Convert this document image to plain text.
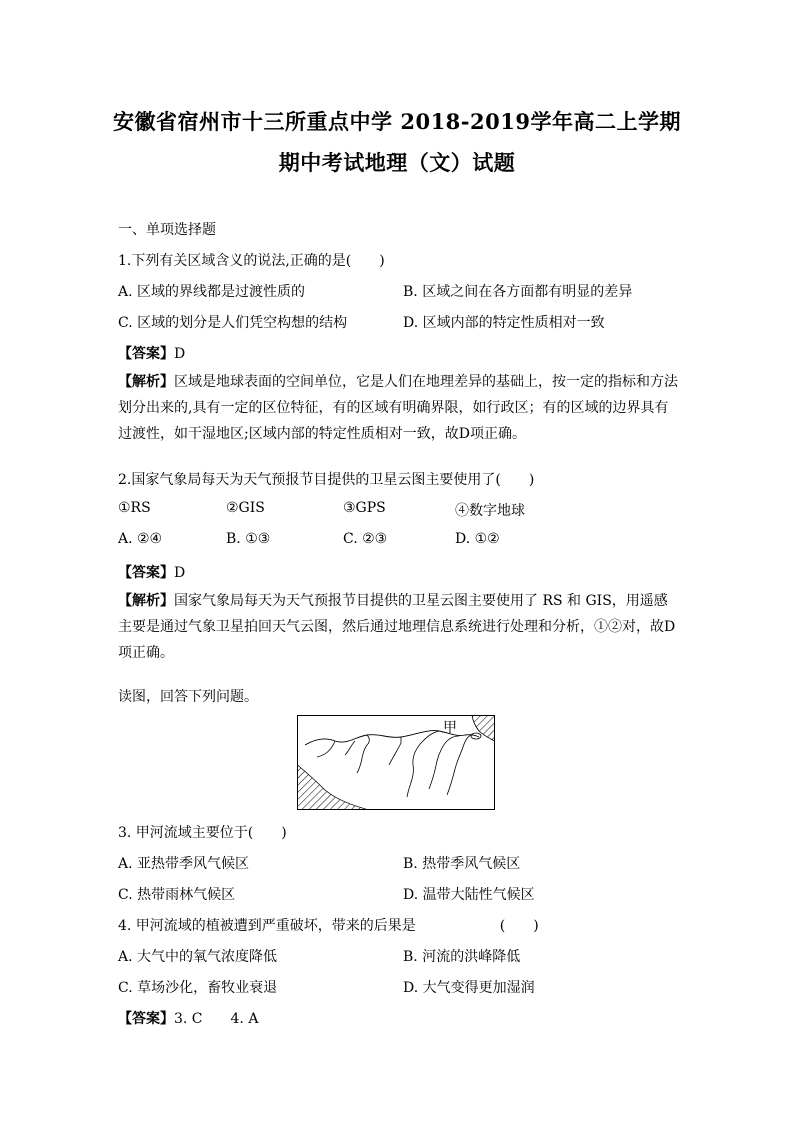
安徽省宿州市十三所重点中学 2018-2019学年高二上学期
期中考试地理（文）试题
一、单项选择题
1.下列有关区域含义的说法,正确的是(　　)
A. 区域的界线都是过渡性质的	B. 区域之间在各方面都有明显的差异
C. 区域的划分是人们凭空构想的结构	D. 区域内部的特定性质相对一致
【答案】D
【解析】区域是地球表面的空间单位，它是人们在地理差异的基础上，按一定的指标和方法划分出来的,具有一定的区位特征，有的区域有明确界限，如行政区；有的区域的边界具有过渡性，如干湿地区;区域内部的特定性质相对一致，故D项正确。
2.国家气象局每天为天气预报节目提供的卫星云图主要使用了(　　)
①RS	②GIS	③GPS	④数字地球
A. ②④	B. ①③	C. ②③	D. ①②
【答案】D
【解析】国家气象局每天为天气预报节目提供的卫星云图主要使用了 RS 和 GIS，用遥感主要是通过气象卫星拍回天气云图，然后通过地理信息系统进行处理和分析，①②对，故D项正确。
读图，回答下列问题。
甲
3. 甲河流域主要位于(　　)
A. 亚热带季风气候区	B. 热带季风气候区
C. 热带雨林气候区	D. 温带大陆性气候区
4. 甲河流域的植被遭到严重破坏，带来的后果是　　　　　　(　　)
A. 大气中的氧气浓度降低	B. 河流的洪峰降低
C. 草场沙化，畜牧业衰退	D. 大气变得更加湿润
【答案】3. C　　4. A
